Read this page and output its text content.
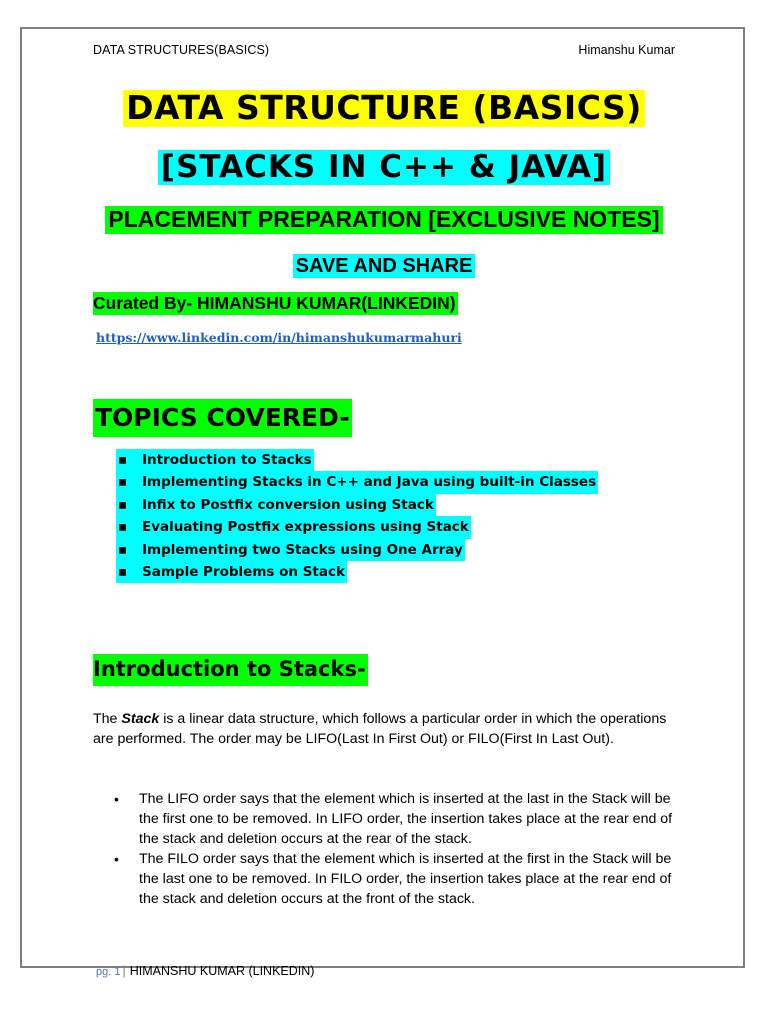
DATA STRUCTURES(BASICS)	Himanshu Kumar
DATA STRUCTURE (BASICS)
[STACKS IN C++ & JAVA]
PLACEMENT PREPARATION [EXCLUSIVE NOTES]
SAVE AND SHARE
Curated By- HIMANSHU KUMAR(LINKEDIN)
https://www.linkedin.com/in/himanshukumarmahuri
TOPICS COVERED-
▪ Introduction to Stacks
▪ Implementing Stacks in C++ and Java using built-in Classes
▪ Infix to Postfix conversion using Stack
▪ Evaluating Postfix expressions using Stack
▪ Implementing two Stacks using One Array
▪ Sample Problems on Stack
Introduction to Stacks-

The Stack is a linear data structure, which follows a particular order in which the operations are performed. The order may be LIFO(Last In First Out) or FILO(First In Last Out).

• The LIFO order says that the element which is inserted at the last in the Stack will be the first one to be removed. In LIFO order, the insertion takes place at the rear end of the stack and deletion occurs at the rear of the stack.
• The FILO order says that the element which is inserted at the first in the Stack will be the last one to be removed. In FILO order, the insertion takes place at the rear end of the stack and deletion occurs at the front of the stack.
pg. 1 | HIMANSHU KUMAR (LINKEDIN)
